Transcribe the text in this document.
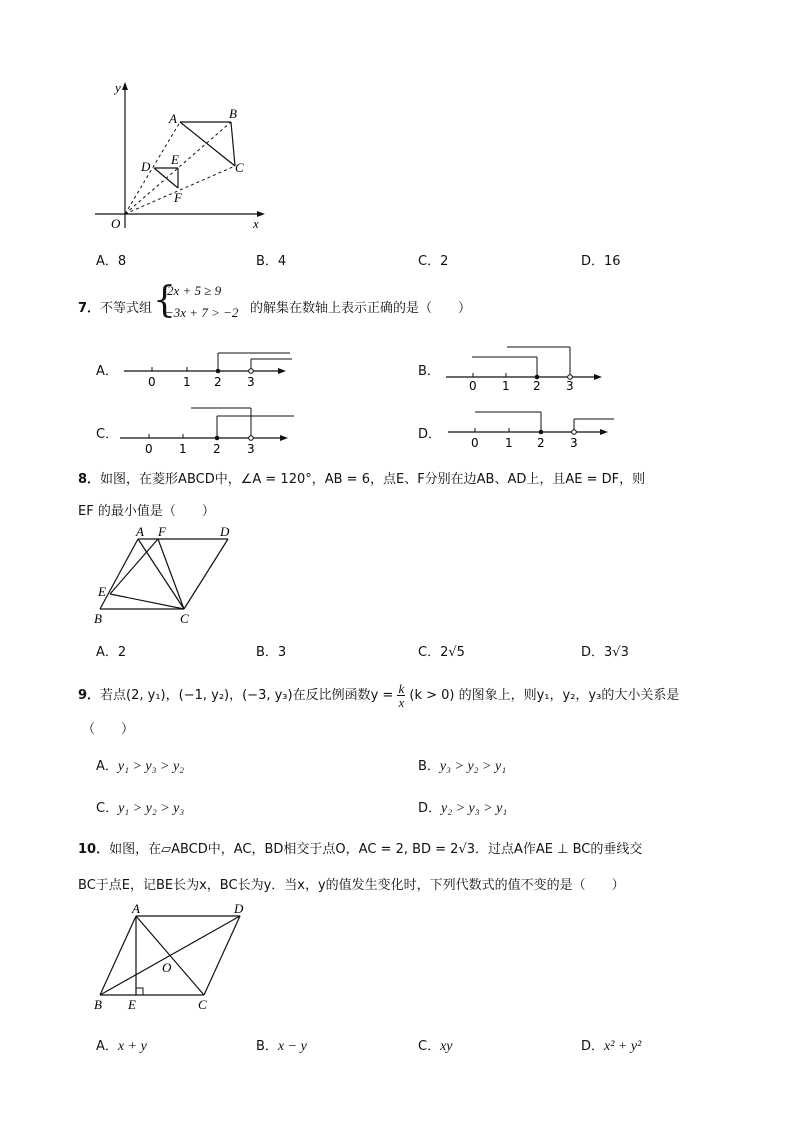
y
x
O
A	B
C
D E
F
A．8	B．4	C．2	D．16
7．不等式组 {
2x + 5 ≥ 9
−3x + 7 > −2 的解集在数轴上表示正确的是（　　）
A．
0 1 2 3
B．
0 1 2 3
C．
0 1 2 3
D．
0 1 2 3
8．如图，在菱形ABCD中，∠A = 120°，AB = 6，点E、F分别在边AB、AD上，且AE = DF，则
EF 的最小值是（　　）
A F	D
E
B	C
A．2	B．3	C．2√5	D．3√3
9．若点(2, y₁)，(−1, y₂)，(−3, y₃)在反比例函数$y = \frac{k}{x} (k > 0)$ 的图象上，则y₁，y₂，y₃的大小关系是
（　　）
A．y₁ > y₃ > y₂	B．y₃ > y₂ > y₁
C．y₁ > y₂ > y₃	D．y₂ > y₃ > y₁
10．如图，在▱ABCD中，AC，BD相交于点O，AC = 2, BD = 2√3．过点A作AE ⊥ BC的垂线交
BC于点E，记BE长为x，BC长为y．当x，y的值发生变化时，下列代数式的值不变的是（　　）
A	D
O
B E	C
A．x + y	B．x − y	C．xy	D．x² + y²
